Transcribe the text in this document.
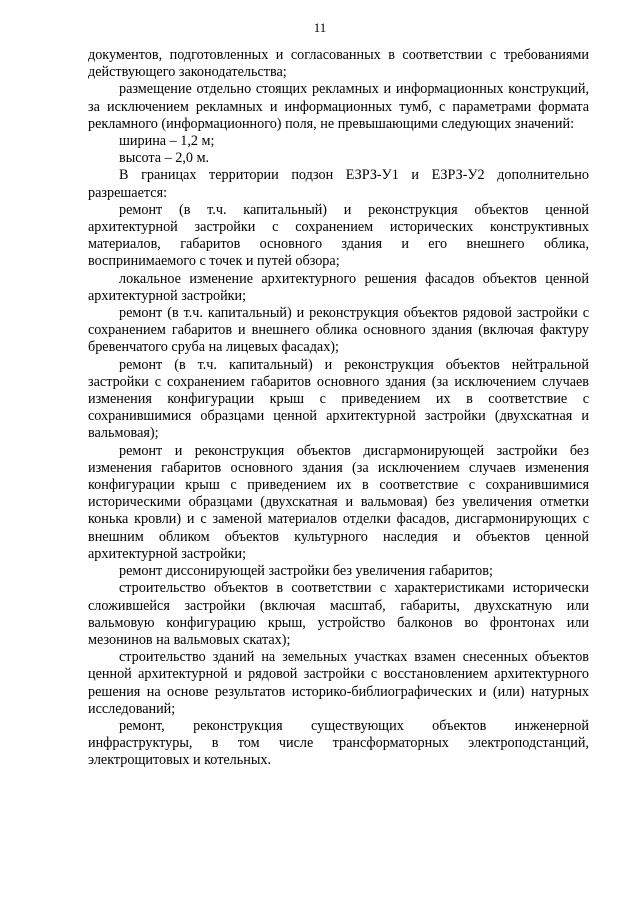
11

документов, подготовленных и согласованных в соответствии с требованиями действующего законодательства;

размещение отдельно стоящих рекламных и информационных конструкций, за исключением рекламных и информационных тумб, с параметрами формата рекламного (информационного) поля, не превышающими следующих значений:

ширина – 1,2 м;

высота – 2,0 м.

В границах территории подзон ЕЗРЗ-У1 и ЕЗРЗ-У2 дополнительно разрешается:

ремонт (в т.ч. капитальный) и реконструкция объектов ценной архитектурной застройки с сохранением исторических конструктивных материалов, габаритов основного здания и его внешнего облика, воспринимаемого с точек и путей обзора;

локальное изменение архитектурного решения фасадов объектов ценной архитектурной застройки;

ремонт (в т.ч. капитальный) и реконструкция объектов рядовой застройки с сохранением габаритов и внешнего облика основного здания (включая фактуру бревенчатого сруба на лицевых фасадах);

ремонт (в т.ч. капитальный) и реконструкция объектов нейтральной застройки с сохранением габаритов основного здания (за исключением случаев изменения конфигурации крыш с приведением их в соответствие с сохранившимися образцами ценной архитектурной застройки (двухскатная и вальмовая);

ремонт и реконструкция объектов дисгармонирующей застройки без изменения габаритов основного здания (за исключением случаев изменения конфигурации крыш с приведением их в соответствие с сохранившимися историческими образцами (двухскатная и вальмовая) без увеличения отметки конька кровли) и с заменой материалов отделки фасадов, дисгармонирующих с внешним обликом объектов культурного наследия и объектов ценной архитектурной застройки;

ремонт диссонирующей застройки без увеличения габаритов;

строительство объектов в соответствии с характеристиками исторически сложившейся застройки (включая масштаб, габариты, двухскатную или вальмовую конфигурацию крыш, устройство балконов во фронтонах или мезонинов на вальмовых скатах);

строительство зданий на земельных участках взамен снесенных объектов ценной архитектурной и рядовой застройки с восстановлением архитектурного решения на основе результатов историко-библиографических и (или) натурных исследований;

ремонт, реконструкция существующих объектов инженерной инфраструктуры, в том числе трансформаторных электроподстанций, электрощитовых и котельных.
